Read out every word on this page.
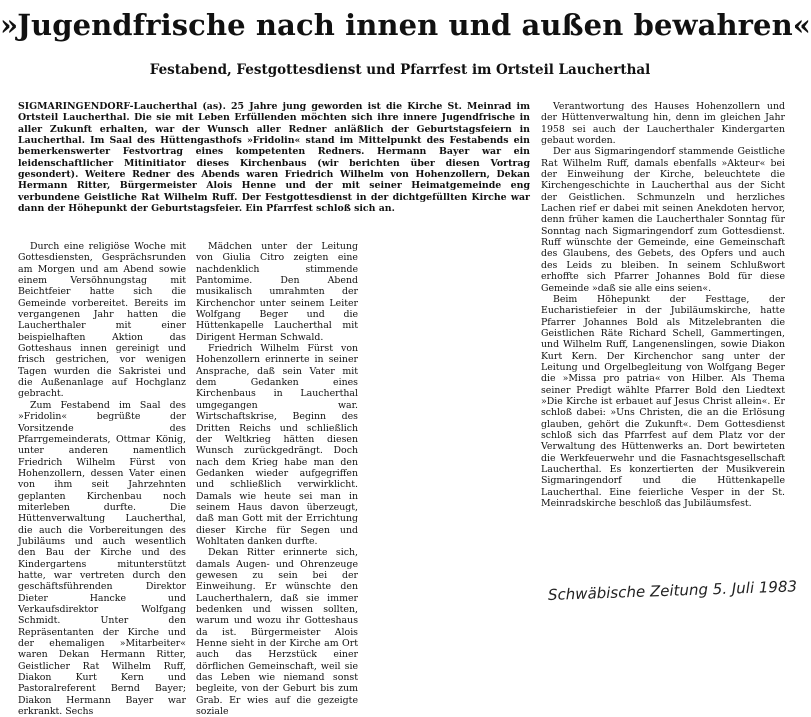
»Jugendfrische nach innen und außen bewahren«
Festabend, Festgottesdienst und Pfarrfest im Ortsteil Laucherthal

SIGMARINGENDORF-Laucherthal (as). 25 Jahre jung geworden ist die Kirche St. Meinrad im Ortsteil Laucherthal. Die sie mit Leben Erfüllenden möchten sich ihre innere Jugendfrische in aller Zukunft erhalten, war der Wunsch aller Redner anläßlich der Geburtstagsfeiern in Laucherthal. Im Saal des Hüttengasthofs »Fridolin« stand im Mittelpunkt des Festabends ein bemerkenswerter Festvortrag eines kompetenten Redners. Hermann Bayer war ein leidenschaftlicher Mitinitiator dieses Kirchenbaus (wir berichten über diesen Vortrag gesondert). Weitere Redner des Abends waren Friedrich Wilhelm von Hohenzollern, Dekan Hermann Ritter, Bürgermeister Alois Henne und der mit seiner Heimatgemeinde eng verbundene Geistliche Rat Wilhelm Ruff. Der Festgottesdienst in der dichtgefüllten Kirche war dann der Höhepunkt der Geburtstagsfeier. Ein Pfarrfest schloß sich an.

Durch eine religiöse Woche mit Gottesdiensten, Gesprächsrunden am Morgen und am Abend sowie einem Versöhnungstag mit Beichtfeier hatte sich die Gemeinde vorbereitet. Bereits im vergangenen Jahr hatten die Laucherthaler mit einer beispielhaften Aktion das Gotteshaus innen gereinigt und frisch gestrichen, vor wenigen Tagen wurden die Sakristei und die Außenanlage auf Hochglanz gebracht.

Zum Festabend im Saal des »Fridolin« begrüßte der Vorsitzende des Pfarrgemeinderats, Ottmar König, unter anderen namentlich Friedrich Wilhelm Fürst von Hohenzollern, dessen Vater einen von ihm seit Jahrzehnten geplanten Kirchenbau noch miterleben durfte. Die Hüttenverwaltung Laucherthal, die auch die Vorbereitungen des Jubiläums und auch wesentlich den Bau der Kirche und des Kindergartens mitunterstützt hatte, war vertreten durch den geschäftsführenden Direktor Dieter Hancke und Verkaufsdirektor Wolfgang Schmidt. Unter den Repräsentanten der Kirche und der ehemaligen »Mitarbeiter« waren Dekan Hermann Ritter, Geistlicher Rat Wilhelm Ruff, Diakon Kurt Kern und Pastoralreferent Bernd Bayer; Diakon Hermann Bayer war erkrankt. Sechs

Mädchen unter der Leitung von Giulia Citro zeigten eine nachdenklich stimmende Pantomime. Den Abend musikalisch umrahmten der Kirchenchor unter seinem Leiter Wolfgang Beger und die Hüttenkapelle Laucherthal mit Dirigent Herman Schwald.

Friedrich Wilhelm Fürst von Hohenzollern erinnerte in seiner Ansprache, daß sein Vater mit dem Gedanken eines Kirchenbaus in Laucherthal umgegangen war. Wirtschaftskrise, Beginn des Dritten Reichs und schließlich der Weltkrieg hätten diesen Wunsch zurückgedrängt. Doch nach dem Krieg habe man den Gedanken wieder aufgegriffen und schließlich verwirklicht. Damals wie heute sei man in seinem Haus davon überzeugt, daß man Gott mit der Errichtung dieser Kirche für Segen und Wohltaten danken durfte.

Dekan Ritter erinnerte sich, damals Augen- und Ohrenzeuge gewesen zu sein bei der Einweihung. Er wünschte den Laucherthalern, daß sie immer bedenken und wissen sollten, warum und wozu ihr Gotteshaus da ist. Bürgermeister Alois Henne sieht in der Kirche am Ort auch das Herzstück einer dörflichen Gemeinschaft, weil sie das Leben wie niemand sonst begleite, von der Geburt bis zum Grab. Er wies auf die gezeigte soziale

Verantwortung des Hauses Hohenzollern und der Hüttenverwaltung hin, denn im gleichen Jahr 1958 sei auch der Laucherthaler Kindergarten gebaut worden.

Der aus Sigmaringendorf stammende Geistliche Rat Wilhelm Ruff, damals ebenfalls »Akteur« bei der Einweihung der Kirche, beleuchtete die Kirchengeschichte in Laucherthal aus der Sicht der Geistlichen. Schmunzeln und herzliches Lachen rief er dabei mit seinen Anekdoten hervor, denn früher kamen die Laucherthaler Sonntag für Sonntag nach Sigmaringendorf zum Gottesdienst. Ruff wünschte der Gemeinde, eine Gemeinschaft des Glaubens, des Gebets, des Opfers und auch des Leids zu bleiben. In seinem Schlußwort erhoffte sich Pfarrer Johannes Bold für diese Gemeinde »daß sie alle eins seien«.

Beim Höhepunkt der Festtage, der Eucharistiefeier in der Jubiläumskirche, hatte Pfarrer Johannes Bold als Mitzelebranten die Geistlichen Räte Richard Schell, Gammertingen, und Wilhelm Ruff, Langenenslingen, sowie Diakon Kurt Kern. Der Kirchenchor sang unter der Leitung und Orgelbegleitung von Wolfgang Beger die »Missa pro patria« von Hilber. Als Thema seiner Predigt wählte Pfarrer Bold den Liedtext »Die Kirche ist erbauet auf Jesus Christ allein«. Er schloß dabei: »Uns Christen, die an die Erlösung glauben, gehört die Zukunft«. Dem Gottesdienst schloß sich das Pfarrfest auf dem Platz vor der Verwaltung des Hüttenwerks an. Dort bewirteten die Werkfeuerwehr und die Fasnachtsgesellschaft Laucherthal. Es konzertierten der Musikverein Sigmaringendorf und die Hüttenkapelle Laucherthal. Eine feierliche Vesper in der St. Meinradskirche beschloß das Jubiläumsfest.

Schwäbische Zeitung 5. Juli 1983
